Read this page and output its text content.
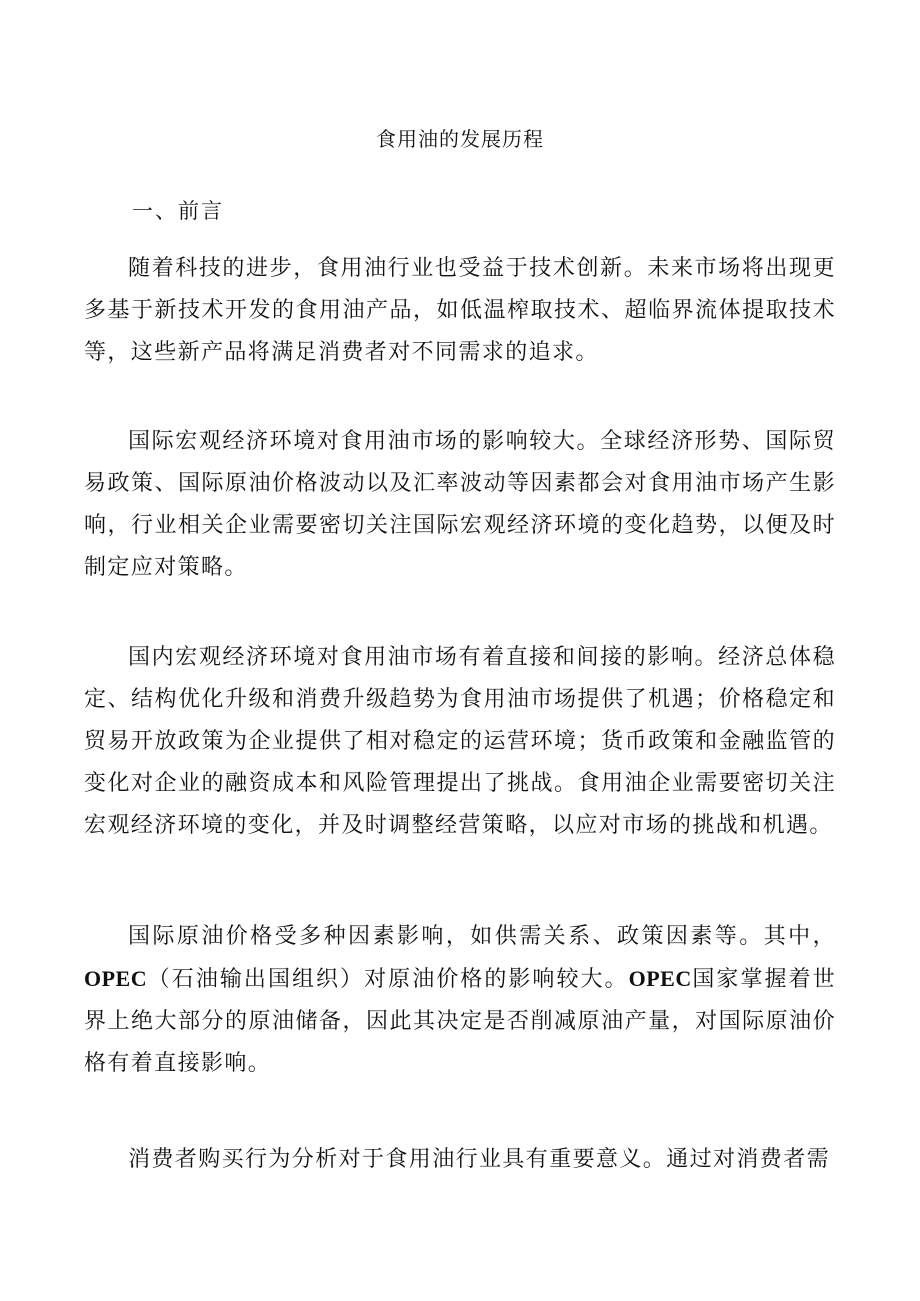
食用油的发展历程
一、前言

随着科技的进步，食用油行业也受益于技术创新。未来市场将出现更多基于新技术开发的食用油产品，如低温榨取技术、超临界流体提取技术等，这些新产品将满足消费者对不同需求的追求。

国际宏观经济环境对食用油市场的影响较大。全球经济形势、国际贸易政策、国际原油价格波动以及汇率波动等因素都会对食用油市场产生影响，行业相关企业需要密切关注国际宏观经济环境的变化趋势，以便及时制定应对策略。

国内宏观经济环境对食用油市场有着直接和间接的影响。经济总体稳定、结构优化升级和消费升级趋势为食用油市场提供了机遇；价格稳定和贸易开放政策为企业提供了相对稳定的运营环境；货币政策和金融监管的变化对企业的融资成本和风险管理提出了挑战。食用油企业需要密切关注宏观经济环境的变化，并及时调整经营策略，以应对市场的挑战和机遇。

国际原油价格受多种因素影响，如供需关系、政策因素等。其中，OPEC（石油输出国组织）对原油价格的影响较大。OPEC国家掌握着世界上绝大部分的原油储备，因此其决定是否削减原油产量，对国际原油价格有着直接影响。

消费者购买行为分析对于食用油行业具有重要意义。通过对消费者需
